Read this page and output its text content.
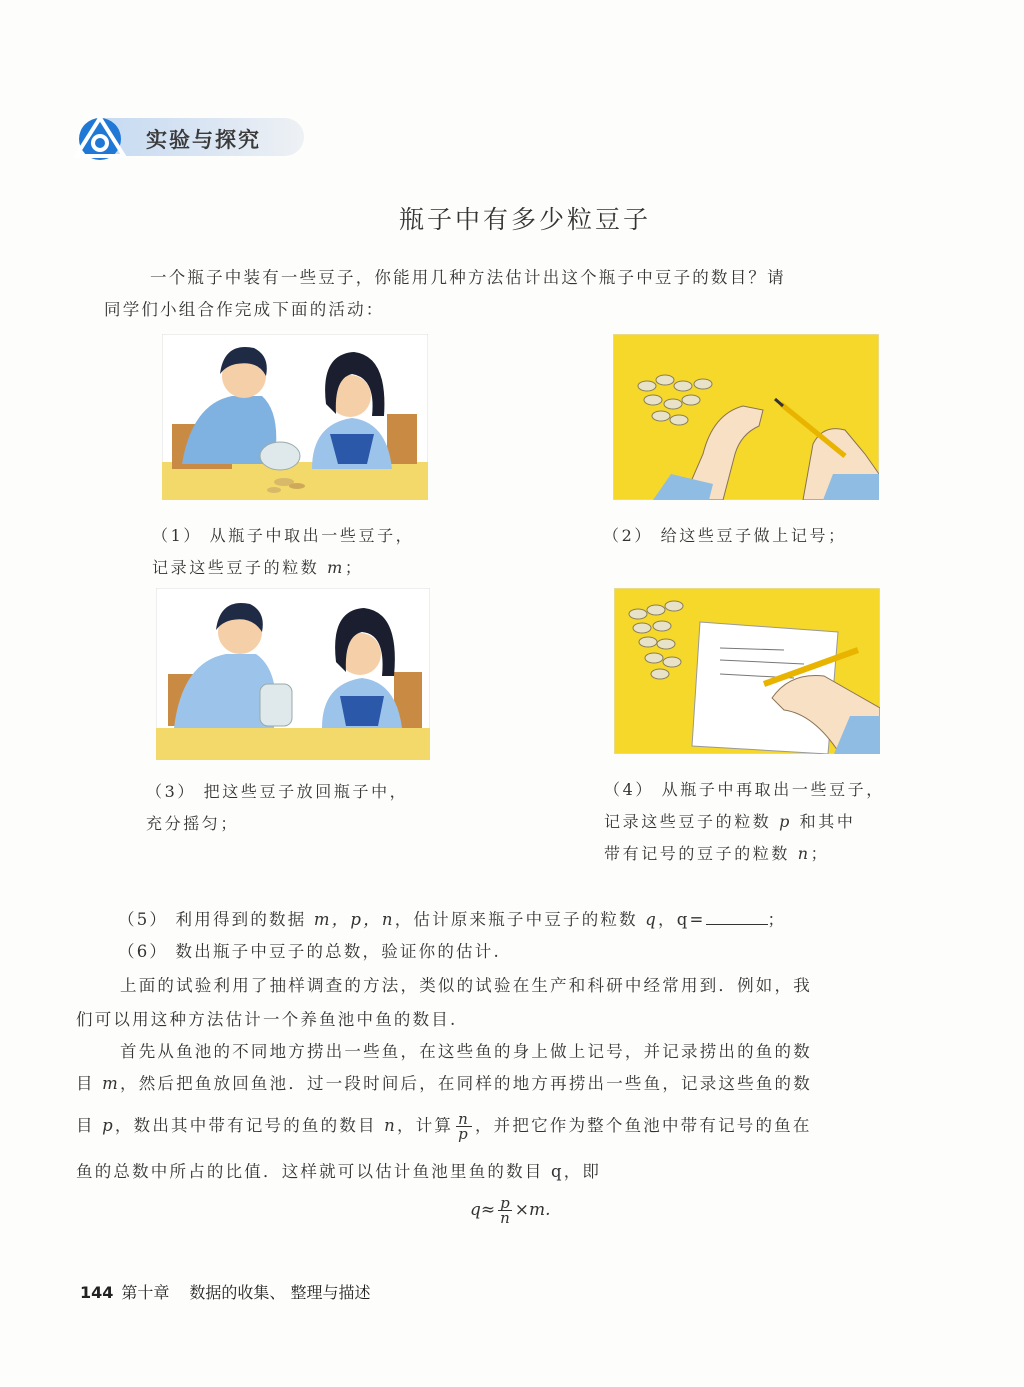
实验与探究
瓶子中有多少粒豆子
一个瓶子中装有一些豆子，你能用几种方法估计出这个瓶子中豆子的数目？请
同学们小组合作完成下面的活动：
（1） 从瓶子中取出一些豆子，
记录这些豆子的粒数 m；
（2） 给这些豆子做上记号；
（3） 把这些豆子放回瓶子中，
充分摇匀；
（4） 从瓶子中再取出一些豆子，
记录这些豆子的粒数 p 和其中
带有记号的豆子的粒数 n；
（5） 利用得到的数据 m，p，n，估计原来瓶子中豆子的粒数 q，q=	；
（6） 数出瓶子中豆子的总数，验证你的估计.
上面的试验利用了抽样调查的方法，类似的试验在生产和科研中经常用到．例如，我
们可以用这种方法估计一个养鱼池中鱼的数目.
首先从鱼池的不同地方捞出一些鱼，在这些鱼的身上做上记号，并记录捞出的鱼的数
目 m，然后把鱼放回鱼池．过一段时间后，在同样的地方再捞出一些鱼，记录这些鱼的数
目 p，数出其中带有记号的鱼的数目 n，计算 $\frac{n}{p}$ ，并把它作为整个鱼池中带有记号的鱼在
鱼的总数中所占的比值．这样就可以估计鱼池里鱼的数目 q，即
$q\approx \frac{p}{n} \times m$.
144 第十章 数据的收集、 整理与描述
